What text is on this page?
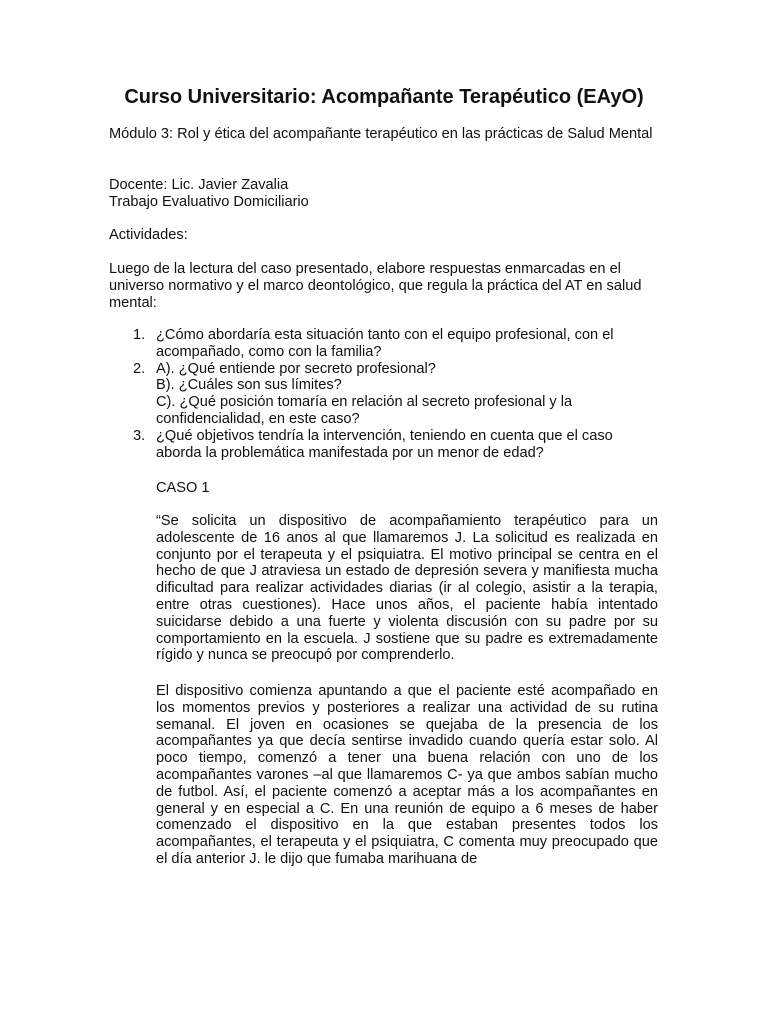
Curso Universitario: Acompañante Terapéutico (EAyO)

Módulo 3: Rol y ética del acompañante terapéutico en las prácticas de Salud Mental

Docente: Lic. Javier Zavalia

Trabajo Evaluativo Domiciliario

Actividades:

Luego de la lectura del caso presentado, elabore respuestas enmarcadas en el universo normativo y el marco deontológico, que regula la práctica del AT en salud mental:

1. ¿Cómo abordaría esta situación tanto con el equipo profesional, con el acompañado, como con la familia?

2. A). ¿Qué entiende por secreto profesional?

B). ¿Cuáles son sus límites?

C). ¿Qué posición tomaría en relación al secreto profesional y la confidencialidad, en este caso?

3. ¿Qué objetivos tendría la intervención, teniendo en cuenta que el caso aborda la problemática manifestada por un menor de edad?

CASO 1

“Se solicita un dispositivo de acompañamiento terapéutico para un adolescente de 16 anos al que llamaremos J. La solicitud es realizada en conjunto por el terapeuta y el psiquiatra. El motivo principal se centra en el hecho de que J atraviesa un estado de depresión severa y manifiesta mucha dificultad para realizar actividades diarias (ir al colegio, asistir a la terapia, entre otras cuestiones). Hace unos años, el paciente había intentado suicidarse debido a una fuerte y violenta discusión con su padre por su comportamiento en la escuela. J sostiene que su padre es extremadamente rígido y nunca se preocupó por comprenderlo.

El dispositivo comienza apuntando a que el paciente esté acompañado en los momentos previos y posteriores a realizar una actividad de su rutina semanal. El joven en ocasiones se quejaba de la presencia de los acompañantes ya que decía sentirse invadido cuando quería estar solo. Al poco tiempo, comenzó a tener una buena relación con uno de los acompañantes varones –al que llamaremos C- ya que ambos sabían mucho de futbol. Así, el paciente comenzó a aceptar más a los acompañantes en general y en especial a C. En una reunión de equipo a 6 meses de haber comenzado el dispositivo en la que estaban presentes todos los acompañantes, el terapeuta y el psiquiatra, C comenta muy preocupado que el día anterior J. le dijo que fumaba marihuana de
